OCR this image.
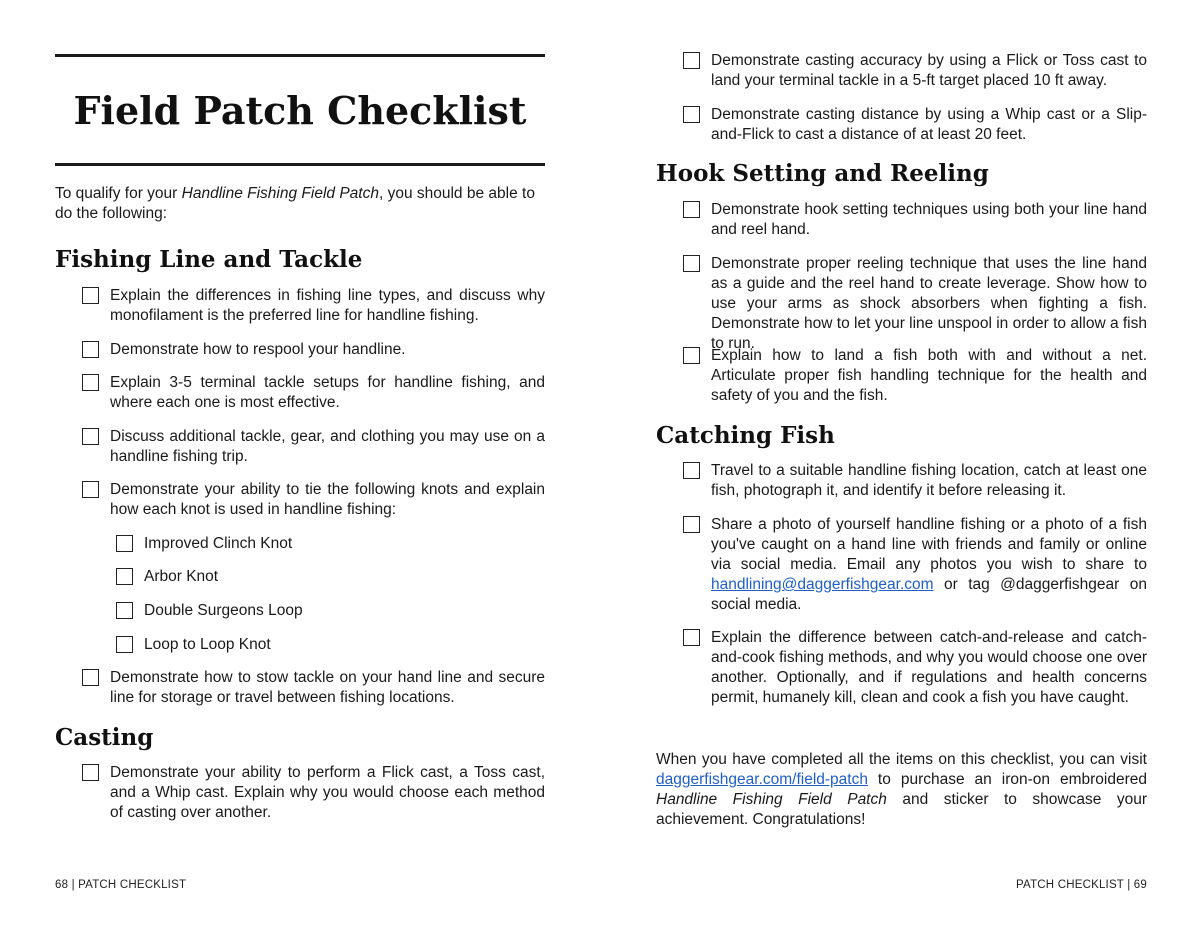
Field Patch Checklist

To qualify for your Handline Fishing Field Patch, you should be able to do the following:

Fishing Line and Tackle
Explain the differences in fishing line types, and discuss why monofilament is the preferred line for handline fishing.
Demonstrate how to respool your handline.
Explain 3-5 terminal tackle setups for handline fishing, and where each one is most effective.
Discuss additional tackle, gear, and clothing you may use on a handline fishing trip.
Demonstrate your ability to tie the following knots and explain how each knot is used in handline fishing:
Improved Clinch Knot
Arbor Knot
Double Surgeons Loop
Loop to Loop Knot
Demonstrate how to stow tackle on your hand line and secure line for storage or travel between fishing locations.
Casting
Demonstrate your ability to perform a Flick cast, a Toss cast, and a Whip cast. Explain why you would choose each method of casting over another.
68 | PATCH CHECKLIST
Demonstrate casting accuracy by using a Flick or Toss cast to land your terminal tackle in a 5-ft target placed 10 ft away.
Demonstrate casting distance by using a Whip cast or a Slip-and-Flick to cast a distance of at least 20 feet.
Hook Setting and Reeling
Demonstrate hook setting techniques using both your line hand and reel hand.
Demonstrate proper reeling technique that uses the line hand as a guide and the reel hand to create leverage. Show how to use your arms as shock absorbers when fighting a fish. Demonstrate how to let your line unspool in order to allow a fish to run.
Explain how to land a fish both with and without a net. Articulate proper fish handling technique for the health and safety of you and the fish.
Catching Fish
Travel to a suitable handline fishing location, catch at least one fish, photograph it, and identify it before releasing it.
Share a photo of yourself handline fishing or a photo of a fish you've caught on a hand line with friends and family or online via social media. Email any photos you wish to share to handlining@daggerfishgear.com or tag @daggerfishgear on social media.
Explain the difference between catch-and-release and catch-and-cook fishing methods, and why you would choose one over another. Optionally, and if regulations and health concerns permit, humanely kill, clean and cook a fish you have caught.

When you have completed all the items on this checklist, you can visit daggerfishgear.com/field-patch to purchase an iron-on embroidered Handline Fishing Field Patch and sticker to showcase your achievement. Congratulations!

PATCH CHECKLIST | 69
